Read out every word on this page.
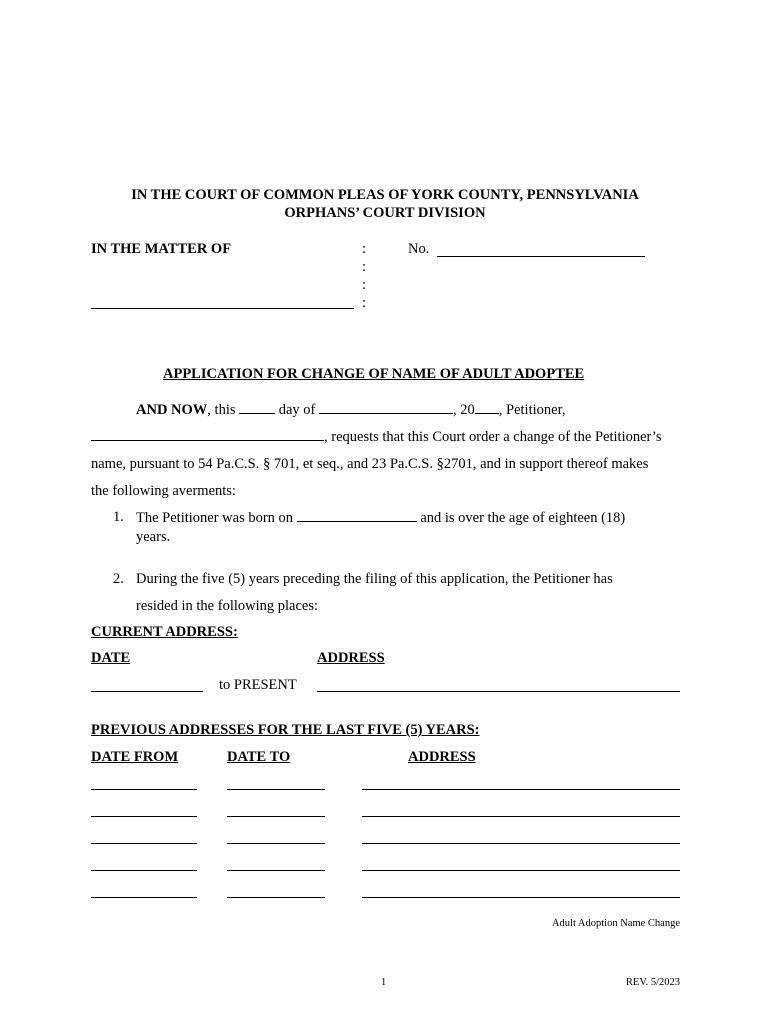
IN THE COURT OF COMMON PLEAS OF YORK COUNTY, PENNSYLVANIA
ORPHANS’ COURT DIVISION
IN THE MATTER OF	:
:
:
:
No.
APPLICATION FOR CHANGE OF NAME OF ADULT ADOPTEE
AND NOW, this	day of	, 20 , Petitioner,
, requests that this Court order a change of the Petitioner’s
name, pursuant to 54 Pa.C.S. § 701, et seq., and 23 Pa.C.S. §2701, and in support thereof makes
the following averments:
1. The Petitioner was born on	and is over the age of eighteen (18)
years.
2. During the five (5) years preceding the filing of this application, the Petitioner has
resided in the following places:
CURRENT ADDRESS:
DATE	ADDRESS
to PRESENT
PREVIOUS ADDRESSES FOR THE LAST FIVE (5) YEARS:
DATE FROM	DATE TO	ADDRESS
Adult Adoption Name Change
1	REV. 5/2023
